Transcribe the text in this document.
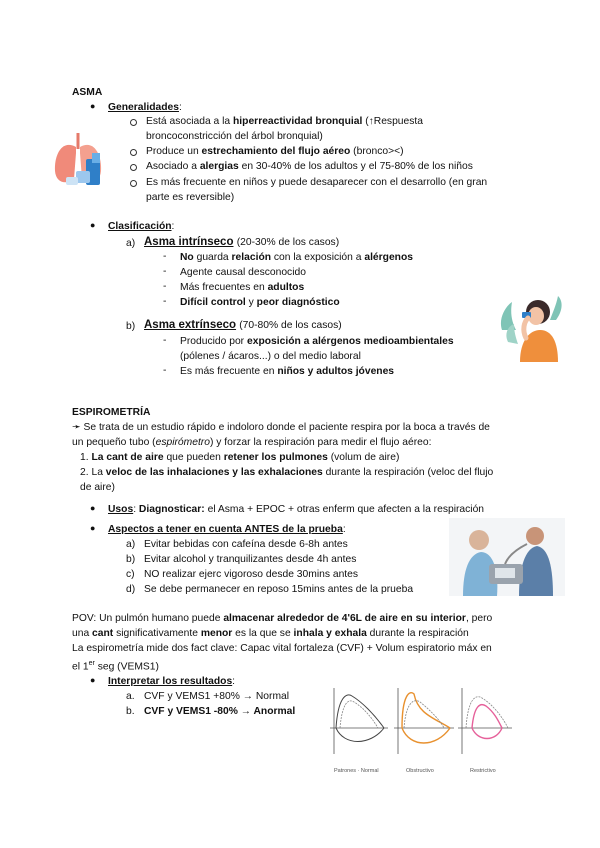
ASMA
● Generalidades:
Está asociada a la hiperreactividad bronquial (↑Respuesta
broncoconstricción del árbol bronquial)
Produce un estrechamiento del flujo aéreo (bronco><)
Asociado a alergias en 30-40% de los adultos y el 75-80% de los niños
Es más frecuente en niños y puede desaparecer con el desarrollo (en gran
parte es reversible)
● Clasificación:
a) Asma intrínseco (20-30% de los casos)
- No guarda relación con la exposición a alérgenos
- Agente causal desconocido
- Más frecuentes en adultos
- Difícil control y peor diagnóstico
b) Asma extrínseco (70-80% de los casos)
- Producido por exposición a alérgenos medioambientales
(pólenes / ácaros...) o del medio laboral
- Es más frecuente en niños y adultos jóvenes
ESPIROMETRÍA
➛ Se trata de un estudio rápido e indoloro donde el paciente respira por la boca a través de
un pequeño tubo (espirómetro) y forzar la respiración para medir el flujo aéreo:
1. La cant de aire que pueden retener los pulmones (volum de aire)
2. La veloc de las inhalaciones y las exhalaciones durante la respiración (veloc del flujo
de aire)
● Usos: Diagnosticar: el Asma + EPOC + otras enferm que afecten a la respiración
● Aspectos a tener en cuenta ANTES de la prueba:
a) Evitar bebidas con cafeína desde 6-8h antes
b) Evitar alcohol y tranquilizantes desde 4h antes
c) NO realizar ejerc vigoroso desde 30mins antes
d) Se debe permanecer en reposo 15mins antes de la prueba
POV: Un pulmón humano puede almacenar alrededor de 4'6L de aire en su interior, pero
una cant significativamente menor es la que se inhala y exhala durante la respiración
La espirometría mide dos fact clave: Capac vital fortaleza (CVF) + Volum espiratorio máx en
el 1er seg (VEMS1)
● Interpretar los resultados:
a. CVF y VEMS1 +80% → Normal
b. CVF y VEMS1 -80% → Anormal
Patrones · Normal	Obstructivo	Restrictivo
